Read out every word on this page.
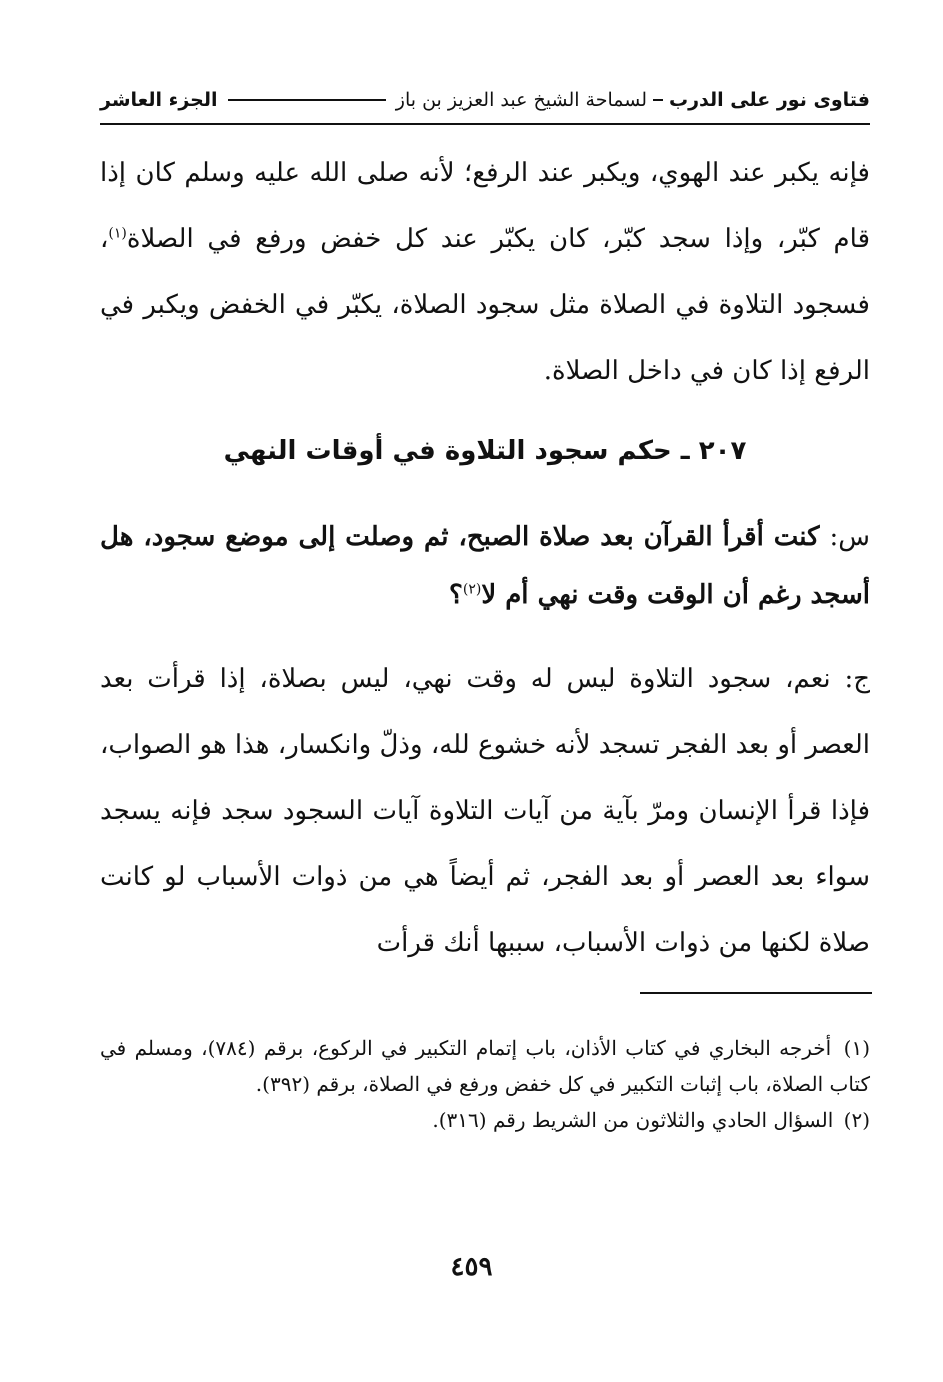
فتاوى نور على الدرب
لسماحة الشيخ عبد العزيز بن باز
الجزء العاشر

فإنه يكبر عند الهوي، ويكبر عند الرفع؛ لأنه صلى الله عليه وسلم كان إذا قام كبّر، وإذا سجد كبّر، كان يكبّر عند كل خفض ورفع في الصلاة$^{(١)}$، فسجود التلاوة في الصلاة مثل سجود الصلاة، يكبّر في الخفض ويكبر في الرفع إذا كان في داخل الصلاة.

٢٠٧ ـ حكم سجود التلاوة في أوقات النهي

س: كنت أقرأ القرآن بعد صلاة الصبح، ثم وصلت إلى موضع سجود، هل أسجد رغم أن الوقت وقت نهي أم لا$^{(٢)}$؟

ج: نعم، سجود التلاوة ليس له وقت نهي، ليس بصلاة، إذا قرأت بعد العصر أو بعد الفجر تسجد لأنه خشوع لله، وذلّ وانكسار، هذا هو الصواب، فإذا قرأ الإنسان ومرّ بآية من آيات التلاوة آيات السجود سجد فإنه يسجد سواء بعد العصر أو بعد الفجر، ثم أيضاً هي من ذوات الأسباب لو كانت صلاة لكنها من ذوات الأسباب، سببها أنك قرأت

(١) أخرجه البخاري في كتاب الأذان، باب إتمام التكبير في الركوع، برقم (٧٨٤)، ومسلم في كتاب الصلاة، باب إثبات التكبير في كل خفض ورفع في الصلاة، برقم (٣٩٢).
(٢) السؤال الحادي والثلاثون من الشريط رقم (٣١٦).
٤٥٩
